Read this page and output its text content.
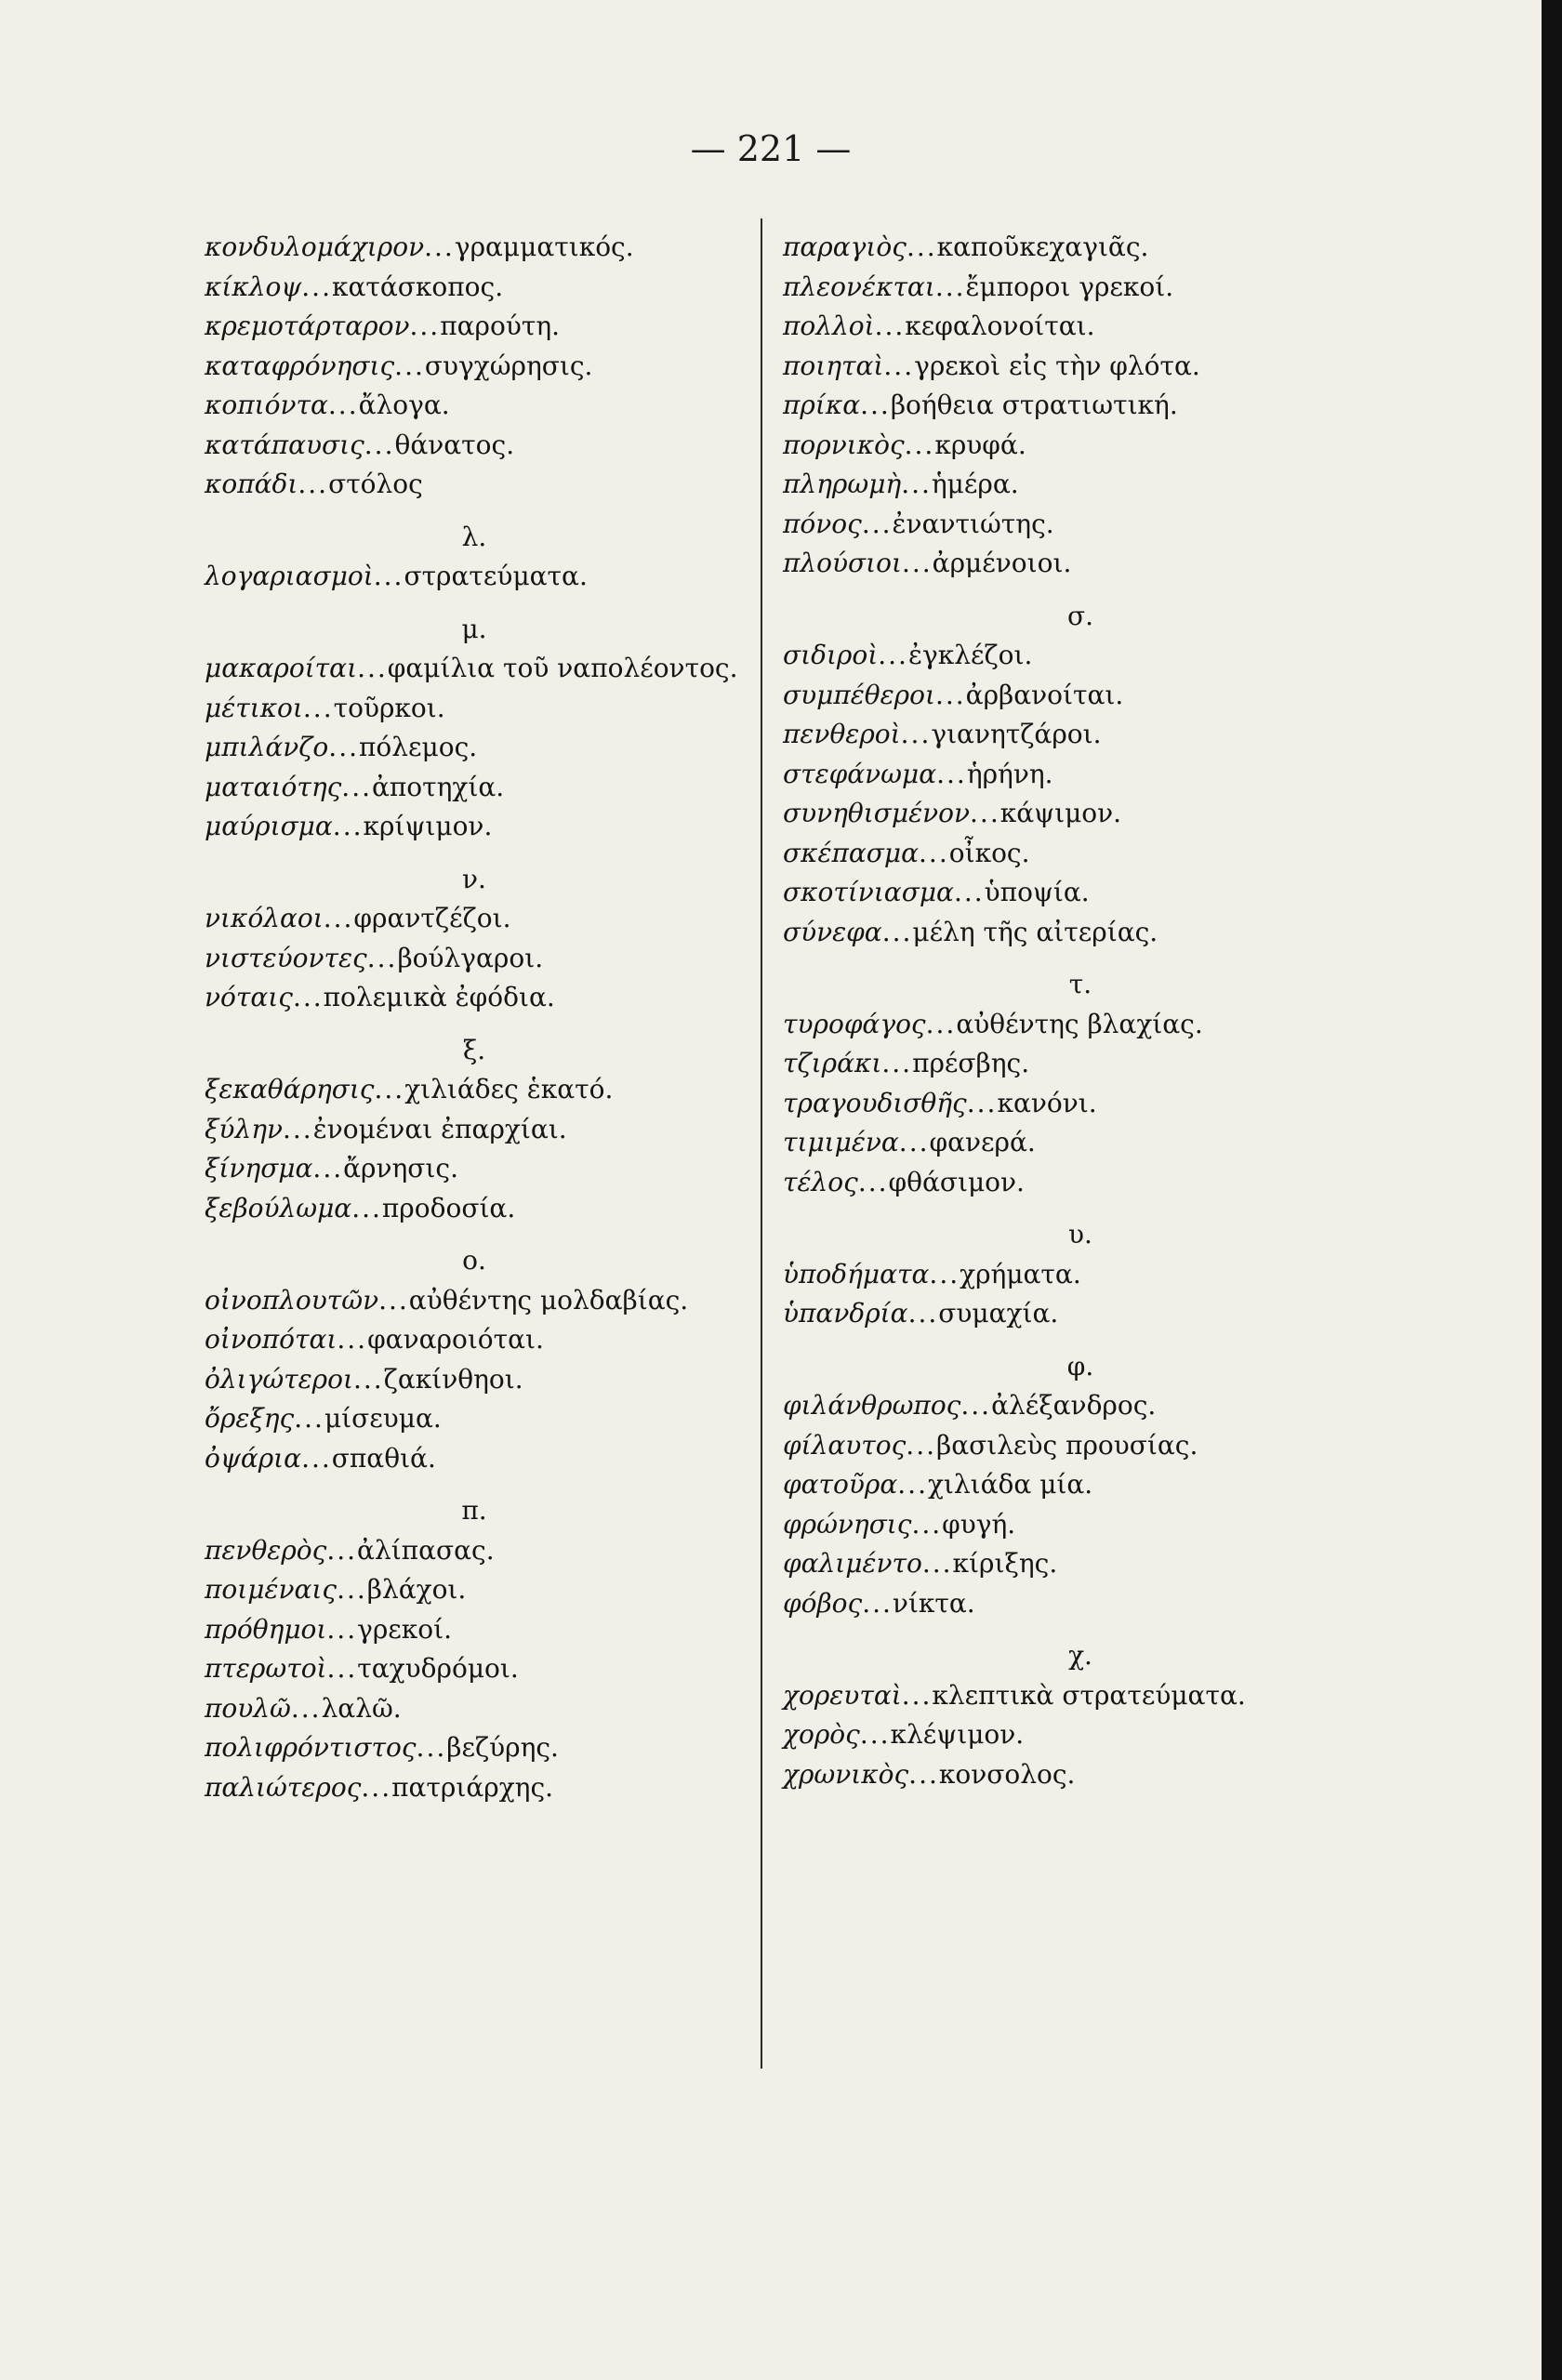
— 221 —
κονδυλομάχιρον...γραμματικός.
κίκλοψ...κατάσκοπος.
κρεμοτάρταρον...παρούτη.
καταφρόνησις...συγχώρησις.
κοπιόντα...ἄλογα.
κατάπαυσις...θάνατος.
κοπάδι...στόλος
λ.
λογαριασμοὶ...στρατεύματα.
μ.
μακαροίται...φαμίλια τοῦ ναπολέοντος.
μέτικοι...τοῦρκοι.
μπιλάνζο...πόλεμος.
ματαιότης...ἀποτηχία.
μαύρισμα...κρίψιμον.
ν.
νικόλαοι...φραντζέζοι.
νιστεύοντες...βούλγαροι.
νόταις...πολεμικὰ ἐφόδια.
ξ.
ξεκαθάρησις...χιλιάδες ἑκατό.
ξύλην...ἐνομέναι ἐπαρχίαι.
ξίνησμα...ἄρνησις.
ξεβούλωμα...προδοσία.
ο.
οἰνοπλουτῶν...αὐθέντης μολδαβίας.
οἰνοπόται...φαναροιόται.
ὀλιγώτεροι...ζακίνθηοι.
ὄρεξης...μίσευμα.
ὀψάρια...σπαθιά.
π.
πενθερὸς...ἀλίπασας.
ποιμέναις...βλάχοι.
πρόθημοι...γρεκοί.
πτερωτοὶ...ταχυδρόμοι.
πουλῶ...λαλῶ.
πολιφρόντιστος...βεζύρης.
παλιώτερος...πατριάρχης.
παραγιὸς...καποῦκεχαγιᾶς.
πλεονέκται...ἔμποροι γρεκοί.
πολλοὶ...κεφαλονοίται.
ποιηταὶ...γρεκοὶ εἰς τὴν φλότα.
πρίκα...βοήθεια στρατιωτική.
πορνικὸς...κρυφά.
πληρωμὴ...ἡμέρα.
πόνος...ἐναντιώτης.
πλούσιοι...ἀρμένοιοι.
σ.
σιδιροὶ...ἐγκλέζοι.
συμπέθεροι...ἀρβανοίται.
πενθεροὶ...γιανητζάροι.
στεφάνωμα...ἡρήνη.
συνηθισμένον...κάψιμον.
σκέπασμα...οἶκος.
σκοτίνιασμα...ὑποψία.
σύνεφα...μέλη τῆς αἰτερίας.
τ.
τυροφάγος...αὐθέντης βλαχίας.
τζιράκι...πρέσβης.
τραγουδισθῆς...κανόνι.
τιμιμένα...φανερά.
τέλος...φθάσιμον.
υ.
ὑποδήματα...χρήματα.
ὑπανδρία...συμαχία.
φ.
φιλάνθρωπος...ἀλέξανδρος.
φίλαυτος...βασιλεὺς προυσίας.
φατοῦρα...χιλιάδα μία.
φρώνησις...φυγή.
φαλιμέντο...κίριξης.
φόβος...νίκτα.
χ.
χορευταὶ...κλεπτικὰ στρατεύματα.
χορὸς...κλέψιμον.
χρωνικὸς...κονσολος.
